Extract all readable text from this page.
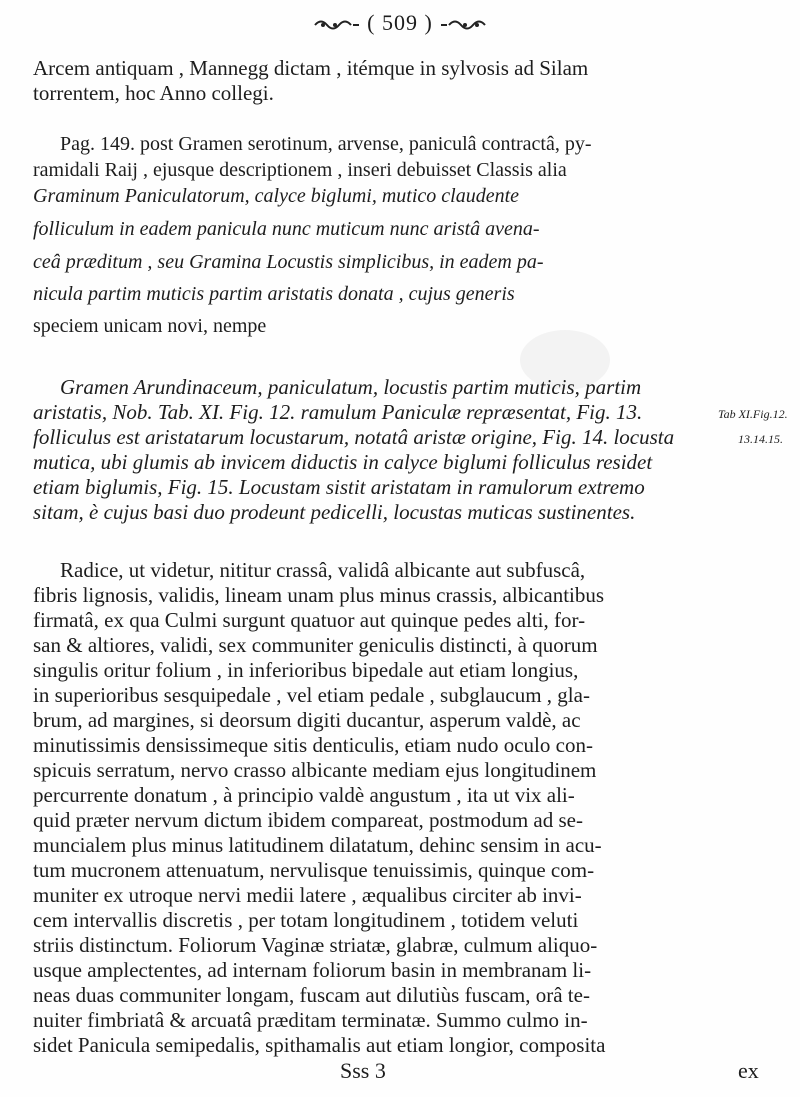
( 509 )
Arcem antiquam , Mannegg dictam , itémque in sylvosis ad Silam
torrentem, hoc Anno collegi.
Pag. 149. post Gramen serotinum, arvense, paniculâ contractâ, py-
ramidali Raij , ejusque descriptionem , inseri debuisset Classis alia
Graminum Paniculatorum, calyce biglumi, mutico claudente
folliculum in eadem panicula nunc muticum nunc aristâ avena-
ceâ præditum , seu Gramina Locustis simplicibus, in eadem pa-
nicula partim muticis partim aristatis donata , cujus generis
speciem unicam novi, nempe
Gramen Arundinaceum, paniculatum, locustis partim muticis, partim
aristatis, Nob. Tab. XI. Fig. 12. ramulum Paniculæ repræsentat, Fig. 13.
folliculus est aristatarum locustarum, notatâ aristæ origine, Fig. 14. locusta
mutica, ubi glumis ab invicem diductis in calyce biglumi folliculus residet
etiam biglumis, Fig. 15. Locustam sistit aristatam in ramulorum extremo
sitam, è cujus basi duo prodeunt pedicelli, locustas muticas sustinentes.
Tab XI.Fig.12.
13.14.15.
Radice, ut videtur, nititur crassâ, validâ albicante aut subfuscâ,
fibris lignosis, validis, lineam unam plus minus crassis, albicantibus
firmatâ, ex qua Culmi surgunt quatuor aut quinque pedes alti, for-
san & altiores, validi, sex communiter geniculis distincti, à quorum
singulis oritur folium , in inferioribus bipedale aut etiam longius,
in superioribus sesquipedale , vel etiam pedale , subglaucum , gla-
brum, ad margines, si deorsum digiti ducantur, asperum valdè, ac
minutissimis densissimeque sitis denticulis, etiam nudo oculo con-
spicuis serratum, nervo crasso albicante mediam ejus longitudinem
percurrente donatum , à principio valdè angustum , ita ut vix ali-
quid præter nervum dictum ibidem compareat, postmodum ad se-
muncialem plus minus latitudinem dilatatum, dehinc sensim in acu-
tum mucronem attenuatum, nervulisque tenuissimis, quinque com-
muniter ex utroque nervi medii latere , æqualibus circiter ab invi-
cem intervallis discretis , per totam longitudinem , totidem veluti
striis distinctum. Foliorum Vaginæ striatæ, glabræ, culmum aliquo-
usque amplectentes, ad internam foliorum basin in membranam li-
neas duas communiter longam, fuscam aut dilutiùs fuscam, orâ te-
nuiter fimbriatâ & arcuatâ præditam terminatæ. Summo culmo in-
sidet Panicula semipedalis, spithamalis aut etiam longior, composita
Sss 3	ex
